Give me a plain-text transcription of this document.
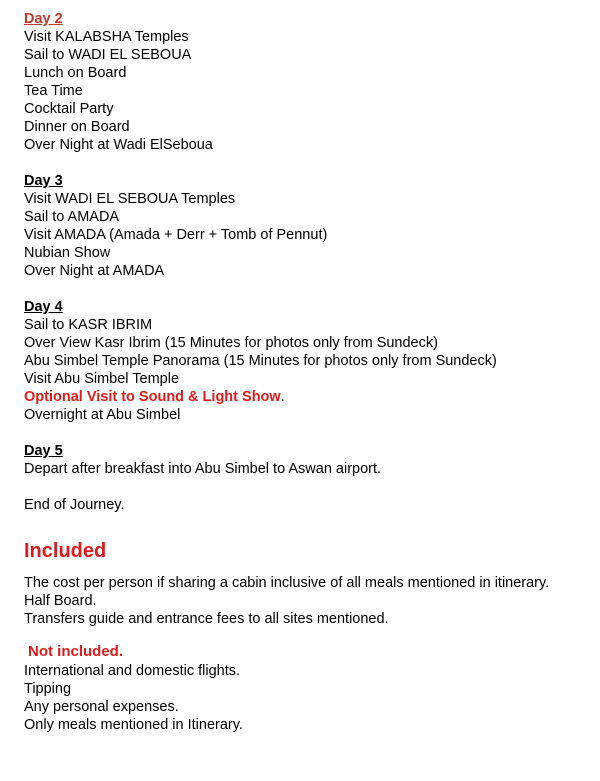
Day 2
Visit KALABSHA Temples
Sail to WADI EL SEBOUA
Lunch on Board
Tea Time
Cocktail Party
Dinner on Board
Over Night at Wadi ElSeboua
Day 3
Visit WADI EL SEBOUA Temples
Sail to AMADA
Visit AMADA (Amada + Derr + Tomb of Pennut)
Nubian Show
Over Night at AMADA
Day 4
Sail to KASR IBRIM
Over View Kasr Ibrim (15 Minutes for photos only from Sundeck)
Abu Simbel Temple Panorama (15 Minutes for photos only from Sundeck)
Visit Abu Simbel Temple
Optional Visit to Sound & Light Show.
Overnight at Abu Simbel
Day 5
Depart after breakfast into Abu Simbel to Aswan airport.
End of Journey.
Included
The cost per person if sharing a cabin inclusive of all meals mentioned in itinerary.
Half Board.
Transfers guide and entrance fees to all sites mentioned.
Not included.
International and domestic flights.
Tipping
Any personal expenses.
Only meals mentioned in Itinerary.
